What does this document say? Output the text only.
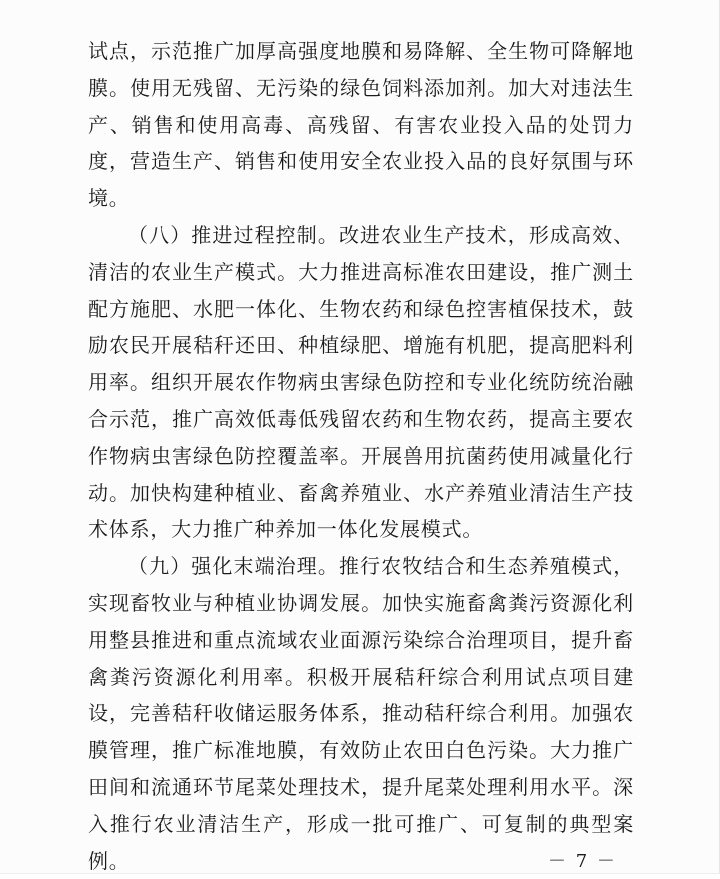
试点，示范推广加厚高强度地膜和易降解、全生物可降解地膜。使用无残留、无污染的绿色饲料添加剂。加大对违法生产、销售和使用高毒、高残留、有害农业投入品的处罚力度，营造生产、销售和使用安全农业投入品的良好氛围与环境。

（八）推进过程控制。改进农业生产技术，形成高效、清洁的农业生产模式。大力推进高标准农田建设，推广测土配方施肥、水肥一体化、生物农药和绿色控害植保技术，鼓励农民开展秸秆还田、种植绿肥、增施有机肥，提高肥料利用率。组织开展农作物病虫害绿色防控和专业化统防统治融合示范，推广高效低毒低残留农药和生物农药，提高主要农作物病虫害绿色防控覆盖率。开展兽用抗菌药使用减量化行动。加快构建种植业、畜禽养殖业、水产养殖业清洁生产技术体系，大力推广种养加一体化发展模式。

（九）强化末端治理。推行农牧结合和生态养殖模式，实现畜牧业与种植业协调发展。加快实施畜禽粪污资源化利用整县推进和重点流域农业面源污染综合治理项目，提升畜禽粪污资源化利用率。积极开展秸秆综合利用试点项目建设，完善秸秆收储运服务体系，推动秸秆综合利用。加强农膜管理，推广标准地膜，有效防止农田白色污染。大力推广田间和流通环节尾菜处理技术，提升尾菜处理利用水平。深入推行农业清洁生产，形成一批可推广、可复制的典型案例。	－ 7 －
